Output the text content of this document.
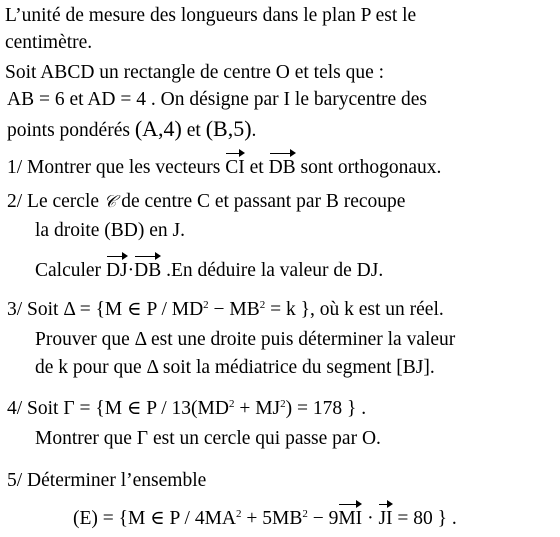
L’unité de mesure des longueurs dans le plan P est le
centimètre.
Soit ABCD un rectangle de centre O et tels que :
AB = 6 et AD = 4 . On désigne par I le barycentre des
points pondérés (A,4) et (B,5).
1/ Montrer que les vecteurs CI et DB sont orthogonaux.
2/ Le cercle 𝒞 de centre C et passant par B recoupe
la droite (BD) en J.
Calculer DJ·DB .En déduire la valeur de DJ.
3/ Soit Δ = {M ∈ $P / MD^2 - MB^2 = k$ }, où k est un réel.
Prouver que Δ est une droite puis déterminer la valeur
de k pour que Δ soit la médiatrice du segment [BJ].
4/ Soit Γ = {M ∈ $P / 13(MD^2 + MJ^2) = 178$ } .
Montrer que Γ est un cercle qui passe par O.
5/ Déterminer l’ensemble
(E) = {M ∈ $P / 4MA^2 + 5MB^2 - 9MI$ · JI = 80 } .
